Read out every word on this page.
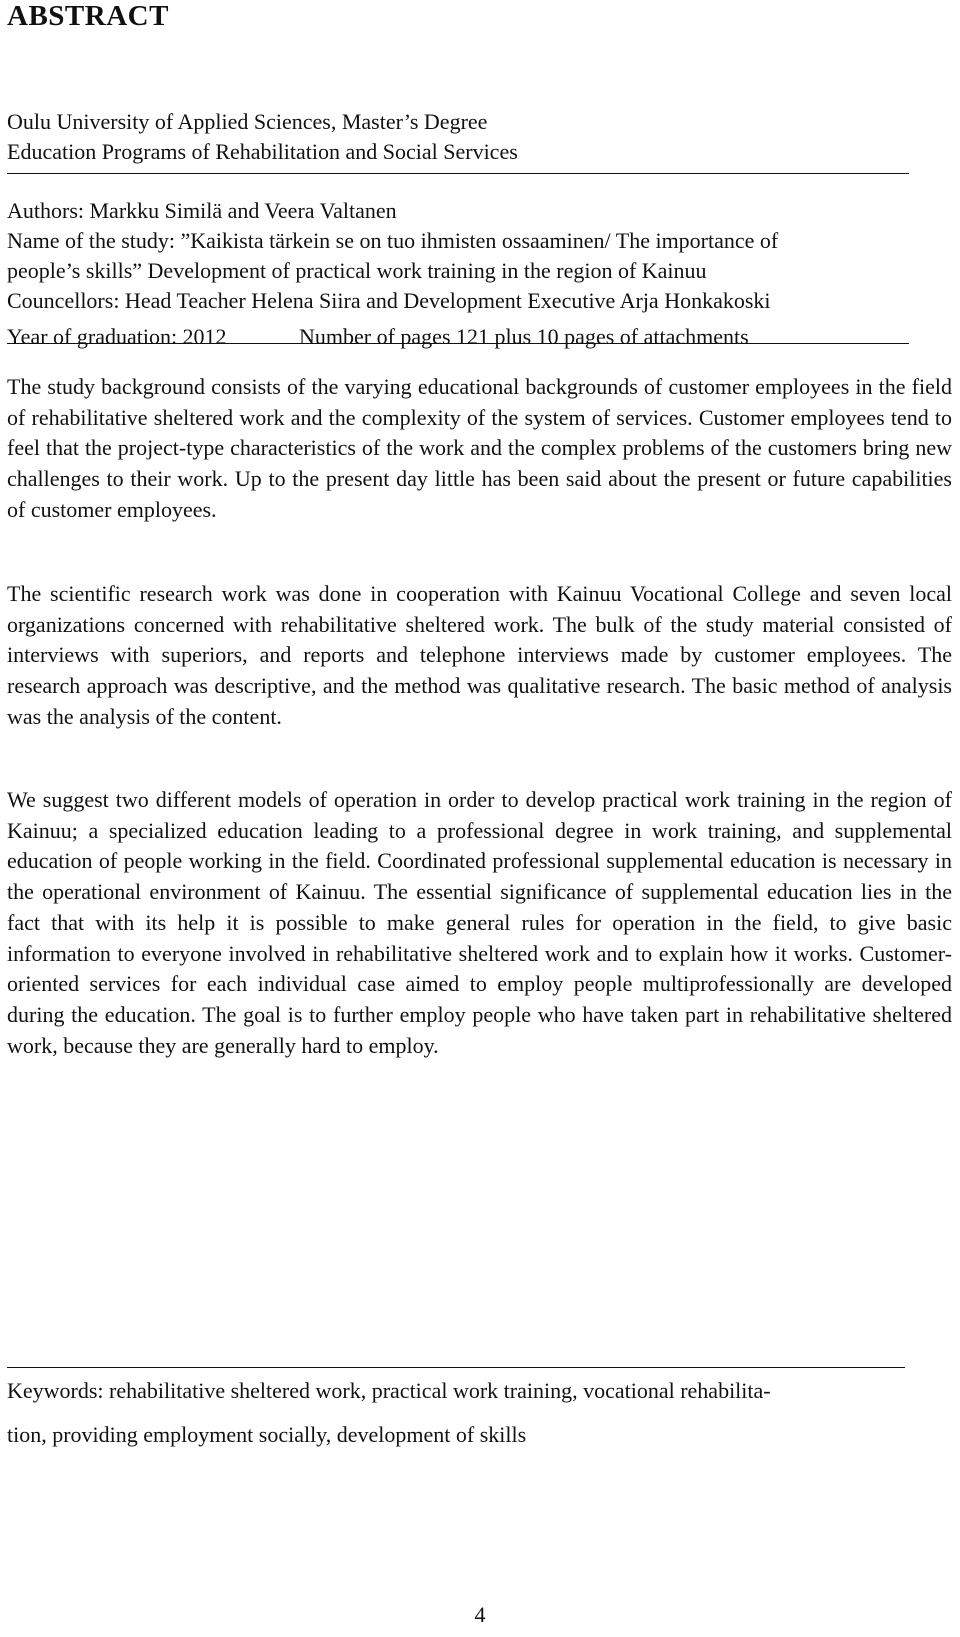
ABSTRACT
Oulu University of Applied Sciences, Master’s Degree
Education Programs of Rehabilitation and Social Services
Authors: Markku Similä and Veera Valtanen
Name of the study: ”Kaikista tärkein se on tuo ihmisten ossaaminen/ The importance of
people’s skills” Development of practical work training in the region of Kainuu
Councellors: Head Teacher Helena Siira and Development Executive Arja Honkakoski
Year of graduation: 2012	Number of pages 121 plus 10 pages of attachments

The study background consists of the varying educational backgrounds of customer employees in the field of rehabilitative sheltered work and the complexity of the system of services. Customer employees tend to feel that the project-type characteristics of the work and the complex problems of the customers bring new challenges to their work. Up to the present day little has been said about the present or future capabilities of customer employees.

The scientific research work was done in cooperation with Kainuu Vocational College and seven local organizations concerned with rehabilitative sheltered work. The bulk of the study material consisted of interviews with superiors, and reports and telephone interviews made by customer employees. The research approach was descriptive, and the method was qualitative research. The basic method of analysis was the analysis of the content.

We suggest two different models of operation in order to develop practical work training in the region of Kainuu; a specialized education leading to a professional degree in work training, and supplemental education of people working in the field. Coordinated professional supplemental education is necessary in the operational environment of Kainuu. The essential significance of supplemental education lies in the fact that with its help it is possible to make general rules for operation in the field, to give basic information to everyone involved in rehabilitative sheltered work and to explain how it works. Customer-oriented services for each individual case aimed to employ people multiprofessionally are developed during the education. The goal is to further employ people who have taken part in rehabilitative sheltered work, because they are generally hard to employ.

Keywords: rehabilitative sheltered work, practical work training, vocational rehabilita-
tion, providing employment socially, development of skills
4
